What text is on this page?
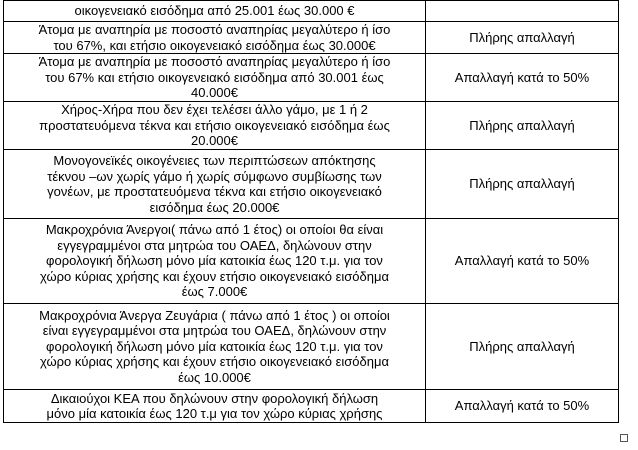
οικογενειακό εισόδημα από 25.001 έως 30.000 €	

Άτομα με αναπηρία με ποσοστό αναπηρίας μεγαλύτερο ή ίσο
του 67%, και ετήσιο οικογενειακό εισόδημα έως 30.000€	Πλήρης απαλλαγή

Άτομα με αναπηρία με ποσοστό αναπηρίας μεγαλύτερο ή ίσο
του 67% και ετήσιο οικογενειακό εισόδημα από 30.001 έως
40.000€	Απαλλαγή κατά το 50%

Χήρος-Χήρα που δεν έχει τελέσει άλλο γάμο, με 1 ή 2
προστατευόμενα τέκνα και ετήσιο οικογενειακό εισόδημα έως
20.000€	Πλήρης απαλλαγή

Μονογονεϊκές οικογένειες των περιπτώσεων απόκτησης
τέκνου –ων χωρίς γάμο ή χωρίς σύμφωνο συμβίωσης των
γονέων, με προστατευόμενα τέκνα και ετήσιο οικογενειακό
εισόδημα έως 20.000€	Πλήρης απαλλαγή

Μακροχρόνια Άνεργοι( πάνω από 1 έτος) οι οποίοι θα είναι
εγγεγραμμένοι στα μητρώα του ΟΑΕΔ, δηλώνουν στην
φορολογική δήλωση μόνο μία κατοικία έως 120 τ.μ. για τον
χώρο κύριας χρήσης και έχουν ετήσιο οικογενειακό εισόδημα
έως 7.000€	Απαλλαγή κατά το 50%

Μακροχρόνια Άνεργα Ζευγάρια ( πάνω από 1 έτος ) οι οποίοι
είναι εγγεγραμμένοι στα μητρώα του ΟΑΕΔ, δηλώνουν στην
φορολογική δήλωση μόνο μία κατοικία έως 120 τ.μ. για τον
χώρο κύριας χρήσης και έχουν ετήσιο οικογενειακό εισόδημα
έως 10.000€	Πλήρης απαλλαγή

Δικαιούχοι ΚΕΑ που δηλώνουν στην φορολογική δήλωση
μόνο μία κατοικία έως 120 τ.μ για τον χώρο κύριας χρήσης	Απαλλαγή κατά το 50%
